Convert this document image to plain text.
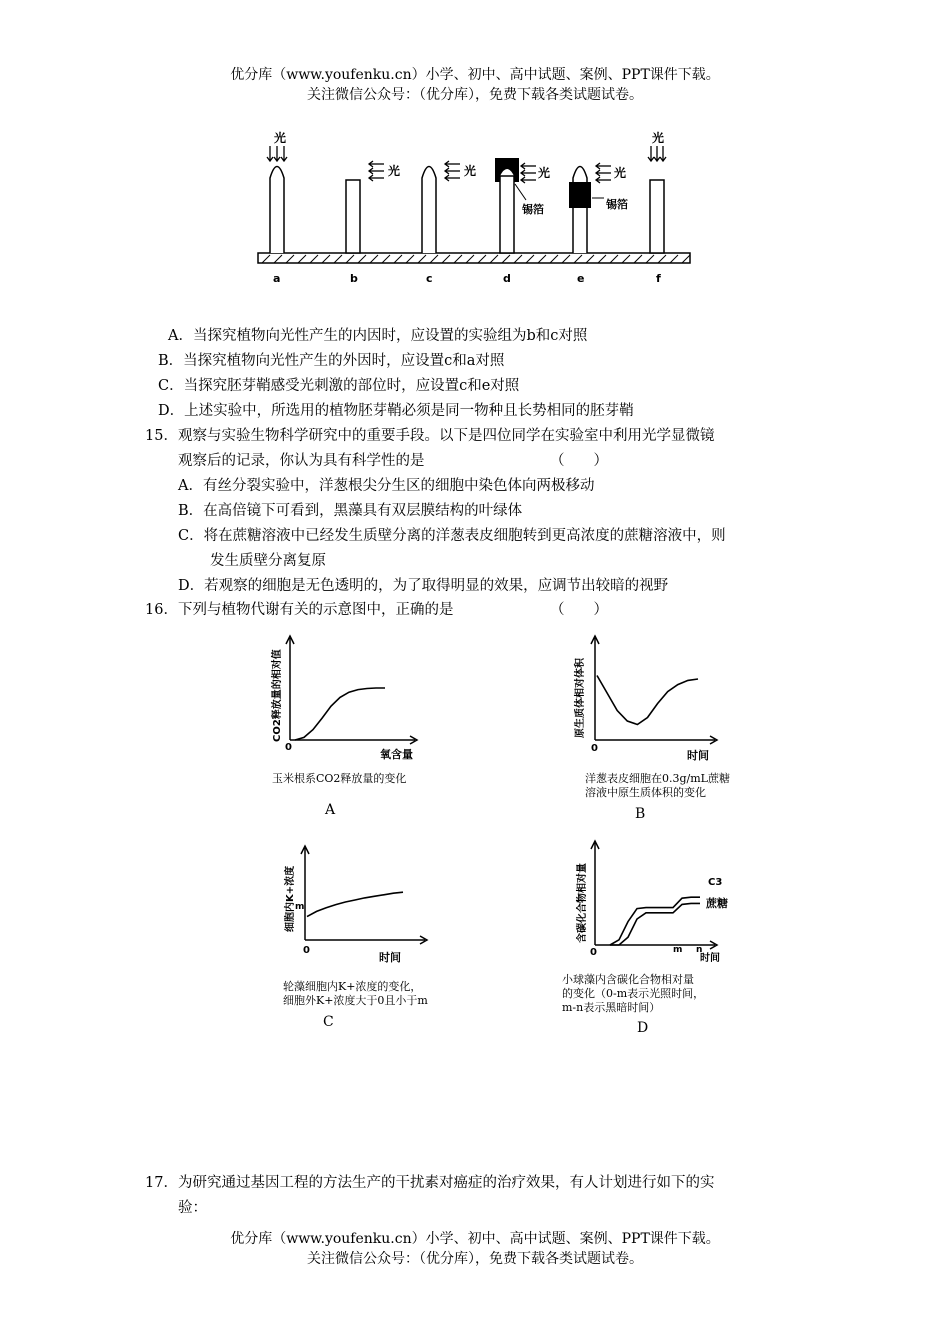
优分库（www.youfenku.cn）小学、初中、高中试题、案例、PPT课件下载。
关注微信公众号：（优分库），免费下载各类试题试卷。
光
光	光	光
锡箔
光
锡箔
光
a	b	c	d	e	f
A．当探究植物向光性产生的内因时，应设置的实验组为b和c对照
B．当探究植物向光性产生的外因时，应设置c和a对照
C．当探究胚芽鞘感受光刺激的部位时，应设置c和e对照
D．上述实验中，所选用的植物胚芽鞘必须是同一物种且长势相同的胚芽鞘
15．观察与实验生物科学研究中的重要手段。以下是四位同学在实验室中利用光学显微镜
观察后的记录，你认为具有科学性的是	（　　）
A．有丝分裂实验中，洋葱根尖分生区的细胞中染色体向两极移动
B．在高倍镜下可看到，黑藻具有双层膜结构的叶绿体
C．将在蔗糖溶液中已经发生质壁分离的洋葱表皮细胞转到更高浓度的蔗糖溶液中，则
发生质壁分离复原
D．若观察的细胞是无色透明的，为了取得明显的效果，应调节出较暗的视野
16．下列与植物代谢有关的示意图中，正确的是	（　　）
0
氧含量
CO2释放量的相对值
玉米根系CO2释放量的变化
A
0
时间
原生质体相对体积
洋葱表皮细胞在0.3g/mL蔗糖
溶液中原生质体积的变化
B
m
0
时间
细胞内K+浓度
轮藻细胞内K+浓度的变化，
细胞外K+浓度大于0且小于m
C
0	m n
时间
C3
蔗糖
含碳化合物相对量
小球藻内含碳化合物相对量
的变化（0-m表示光照时间，
m-n表示黑暗时间）
D
17．为研究通过基因工程的方法生产的干扰素对癌症的治疗效果，有人计划进行如下的实
验：
优分库（www.youfenku.cn）小学、初中、高中试题、案例、PPT课件下载。
关注微信公众号：（优分库），免费下载各类试题试卷。
